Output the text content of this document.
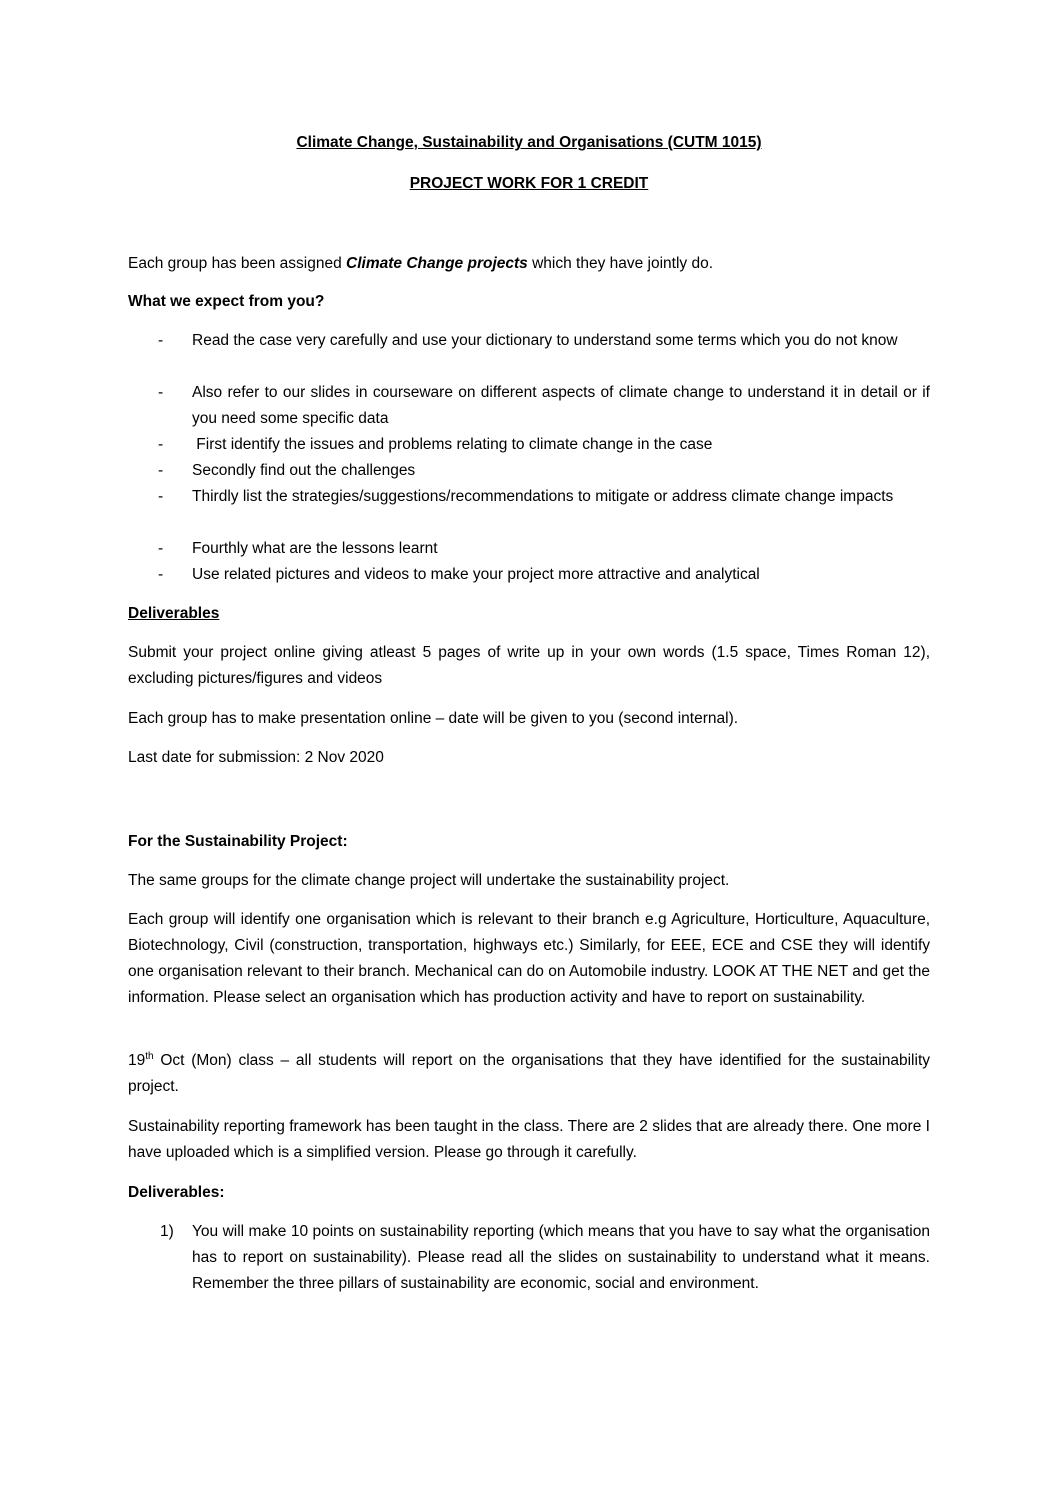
Climate Change, Sustainability and Organisations (CUTM 1015)
PROJECT WORK FOR 1 CREDIT
Each group has been assigned Climate Change projects which they have jointly do.
What we expect from you?
- Read the case very carefully and use your dictionary to understand some terms which you do not know
- Also refer to our slides in courseware on different aspects of climate change to understand it in detail or if you need some specific data
- First identify the issues and problems relating to climate change in the case
- Secondly find out the challenges
- Thirdly list the strategies/suggestions/recommendations to mitigate or address climate change impacts
- Fourthly what are the lessons learnt
- Use related pictures and videos to make your project more attractive and analytical
Deliverables
Submit your project online giving atleast 5 pages of write up in your own words (1.5 space, Times Roman 12), excluding pictures/figures and videos
Each group has to make presentation online – date will be given to you (second internal).
Last date for submission: 2 Nov 2020
For the Sustainability Project:
The same groups for the climate change project will undertake the sustainability project.
Each group will identify one organisation which is relevant to their branch e.g Agriculture, Horticulture, Aquaculture, Biotechnology, Civil (construction, transportation, highways etc.) Similarly, for EEE, ECE and CSE they will identify one organisation relevant to their branch. Mechanical can do on Automobile industry. LOOK AT THE NET and get the information. Please select an organisation which has production activity and have to report on sustainability.
19th Oct (Mon) class – all students will report on the organisations that they have identified for the sustainability project.
Sustainability reporting framework has been taught in the class. There are 2 slides that are already there. One more I have uploaded which is a simplified version. Please go through it carefully.
Deliverables:
1) You will make 10 points on sustainability reporting (which means that you have to say what the organisation has to report on sustainability). Please read all the slides on sustainability to understand what it means. Remember the three pillars of sustainability are economic, social and environment.
